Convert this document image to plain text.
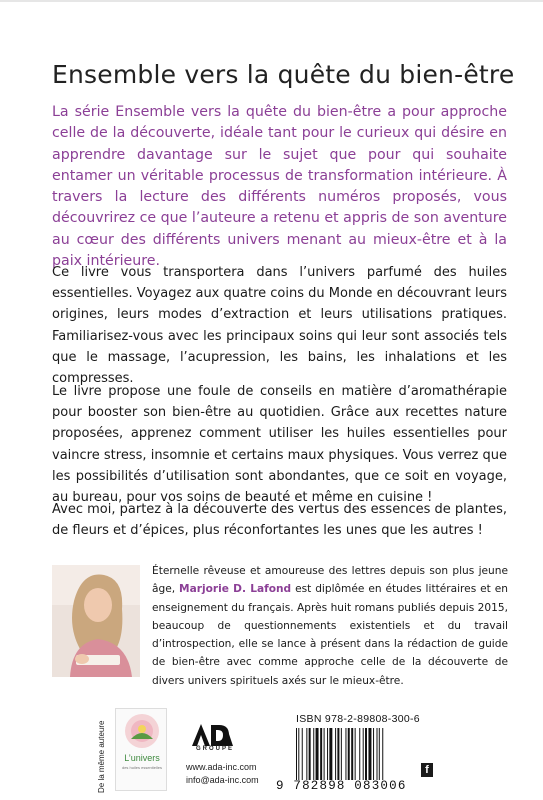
Ensemble vers la quête du bien-être

La série Ensemble vers la quête du bien-être a pour approche celle de la découverte, idéale tant pour le curieux qui désire en apprendre davantage sur le sujet que pour qui souhaite entamer un véritable processus de transformation intérieure. À travers la lecture des différents numéros proposés, vous découvrirez ce que l’auteure a retenu et appris de son aventure au cœur des différents univers menant au mieux-être et à la paix intérieure.

Ce livre vous transportera dans l’univers parfumé des huiles essentielles. Voyagez aux quatre coins du Monde en découvrant leurs origines, leurs modes d’extraction et leurs utilisations pratiques. Familiarisez-vous avec les principaux soins qui leur sont associés tels que le massage, l’acupression, les bains, les inhalations et les compresses.

Le livre propose une foule de conseils en matière d’aromathérapie pour booster son bien-être au quotidien. Grâce aux recettes nature proposées, apprenez comment utiliser les huiles essentielles pour vaincre stress, insomnie et certains maux physiques. Vous verrez que les possibilités d’utilisation sont abondantes, que ce soit en voyage, au bureau, pour vos soins de beauté et même en cuisine !

Avec moi, partez à la découverte des vertus des essences de plantes, de fleurs et d’épices, plus réconfortantes les unes que les autres !

Éternelle rêveuse et amoureuse des lettres depuis son plus jeune âge, Marjorie D. Lafond est diplômée en études littéraires et en enseignement du français. Après huit romans publiés depuis 2015, beaucoup de questionnements existentiels et du travail d’introspection, elle se lance à présent dans la rédaction de guide de bien-être avec comme approche celle de la découverte de divers univers spirituels axés sur le mieux-être.

De la même auteure	L’univers
des huiles essentielles
ADA
GROUPE
www.ada-inc.com
info@ada-inc.com
ISBN 978-2-89808-300-6
9 782898 083006
f
